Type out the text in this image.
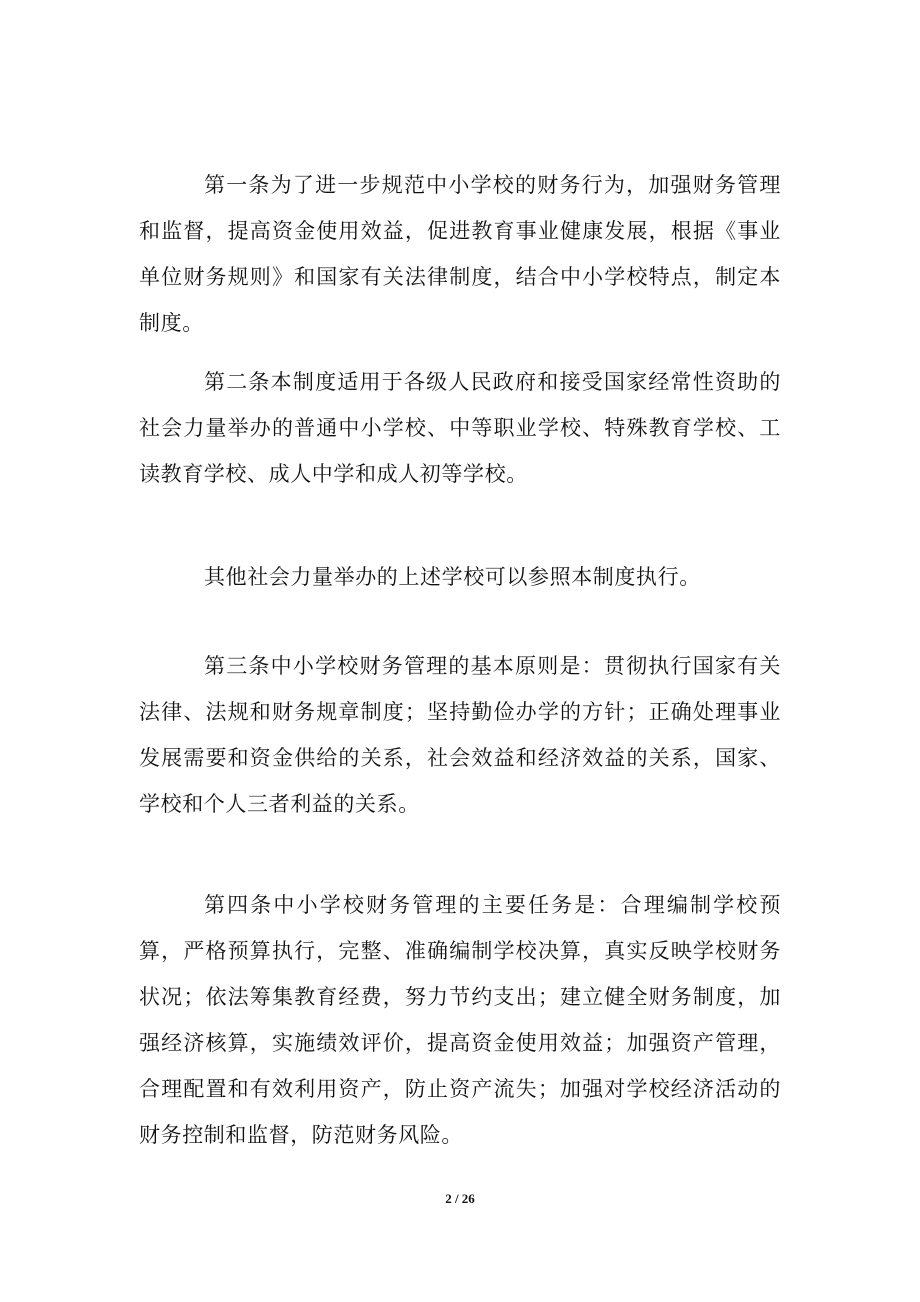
第一条为了进一步规范中小学校的财务行为，加强财务管理和监督，提高资金使用效益，促进教育事业健康发展，根据《事业单位财务规则》和国家有关法律制度，结合中小学校特点，制定本制度。

第二条本制度适用于各级人民政府和接受国家经常性资助的社会力量举办的普通中小学校、中等职业学校、特殊教育学校、工读教育学校、成人中学和成人初等学校。

其他社会力量举办的上述学校可以参照本制度执行。

第三条中小学校财务管理的基本原则是：贯彻执行国家有关法律、法规和财务规章制度；坚持勤俭办学的方针；正确处理事业发展需要和资金供给的关系，社会效益和经济效益的关系，国家、学校和个人三者利益的关系。

第四条中小学校财务管理的主要任务是：合理编制学校预算，严格预算执行，完整、准确编制学校决算，真实反映学校财务状况；依法筹集教育经费，努力节约支出；建立健全财务制度，加强经济核算，实施绩效评价，提高资金使用效益；加强资产管理，合理配置和有效利用资产，防止资产流失；加强对学校经济活动的财务控制和监督，防范财务风险。

2 / 26
